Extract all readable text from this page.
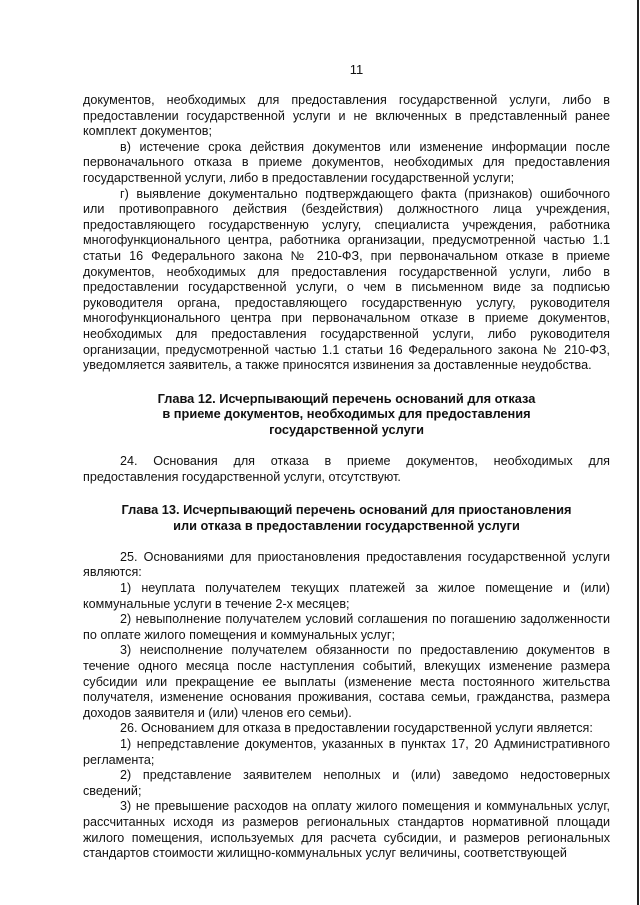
11

документов, необходимых для предоставления государственной услуги, либо в предоставлении государственной услуги и не включенных в представленный ранее комплект документов;

в) истечение срока действия документов или изменение информации после первоначального отказа в приеме документов, необходимых для предоставления государственной услуги, либо в предоставлении государственной услуги;

г) выявление документально подтверждающего факта (признаков) ошибочного или противоправного действия (бездействия) должностного лица учреждения, предоставляющего государственную услугу, специалиста учреждения, работника многофункционального центра, работника организации, предусмотренной частью 1.1 статьи 16 Федерального закона № 210-ФЗ, при первоначальном отказе в приеме документов, необходимых для предоставления государственной услуги, либо в предоставлении государственной услуги, о чем в письменном виде за подписью руководителя органа, предоставляющего государственную услугу, руководителя многофункционального центра при первоначальном отказе в приеме документов, необходимых для предоставления государственной услуги, либо руководителя организации, предусмотренной частью 1.1 статьи 16 Федерального закона № 210-ФЗ, уведомляется заявитель, а также приносятся извинения за доставленные неудобства.

Глава 12. Исчерпывающий перечень оснований для отказа
в приеме документов, необходимых для предоставления
государственной услуги

24. Основания для отказа в приеме документов, необходимых для предоставления государственной услуги, отсутствуют.

Глава 13. Исчерпывающий перечень оснований для приостановления
или отказа в предоставлении государственной услуги

25. Основаниями для приостановления предоставления государственной услуги являются:

1) неуплата получателем текущих платежей за жилое помещение и (или) коммунальные услуги в течение 2-х месяцев;

2) невыполнение получателем условий соглашения по погашению задолженности по оплате жилого помещения и коммунальных услуг;

3) неисполнение получателем обязанности по предоставлению документов в течение одного месяца после наступления событий, влекущих изменение размера субсидии или прекращение ее выплаты (изменение места постоянного жительства получателя, изменение основания проживания, состава семьи, гражданства, размера доходов заявителя и (или) членов его семьи).

26. Основанием для отказа в предоставлении государственной услуги является:

1) непредставление документов, указанных в пунктах 17, 20 Административного регламента;

2) представление заявителем неполных и (или) заведомо недостоверных сведений;

3) не превышение расходов на оплату жилого помещения и коммунальных услуг, рассчитанных исходя из размеров региональных стандартов нормативной площади жилого помещения, используемых для расчета субсидии, и размеров региональных стандартов стоимости жилищно-коммунальных услуг величины, соответствующей
